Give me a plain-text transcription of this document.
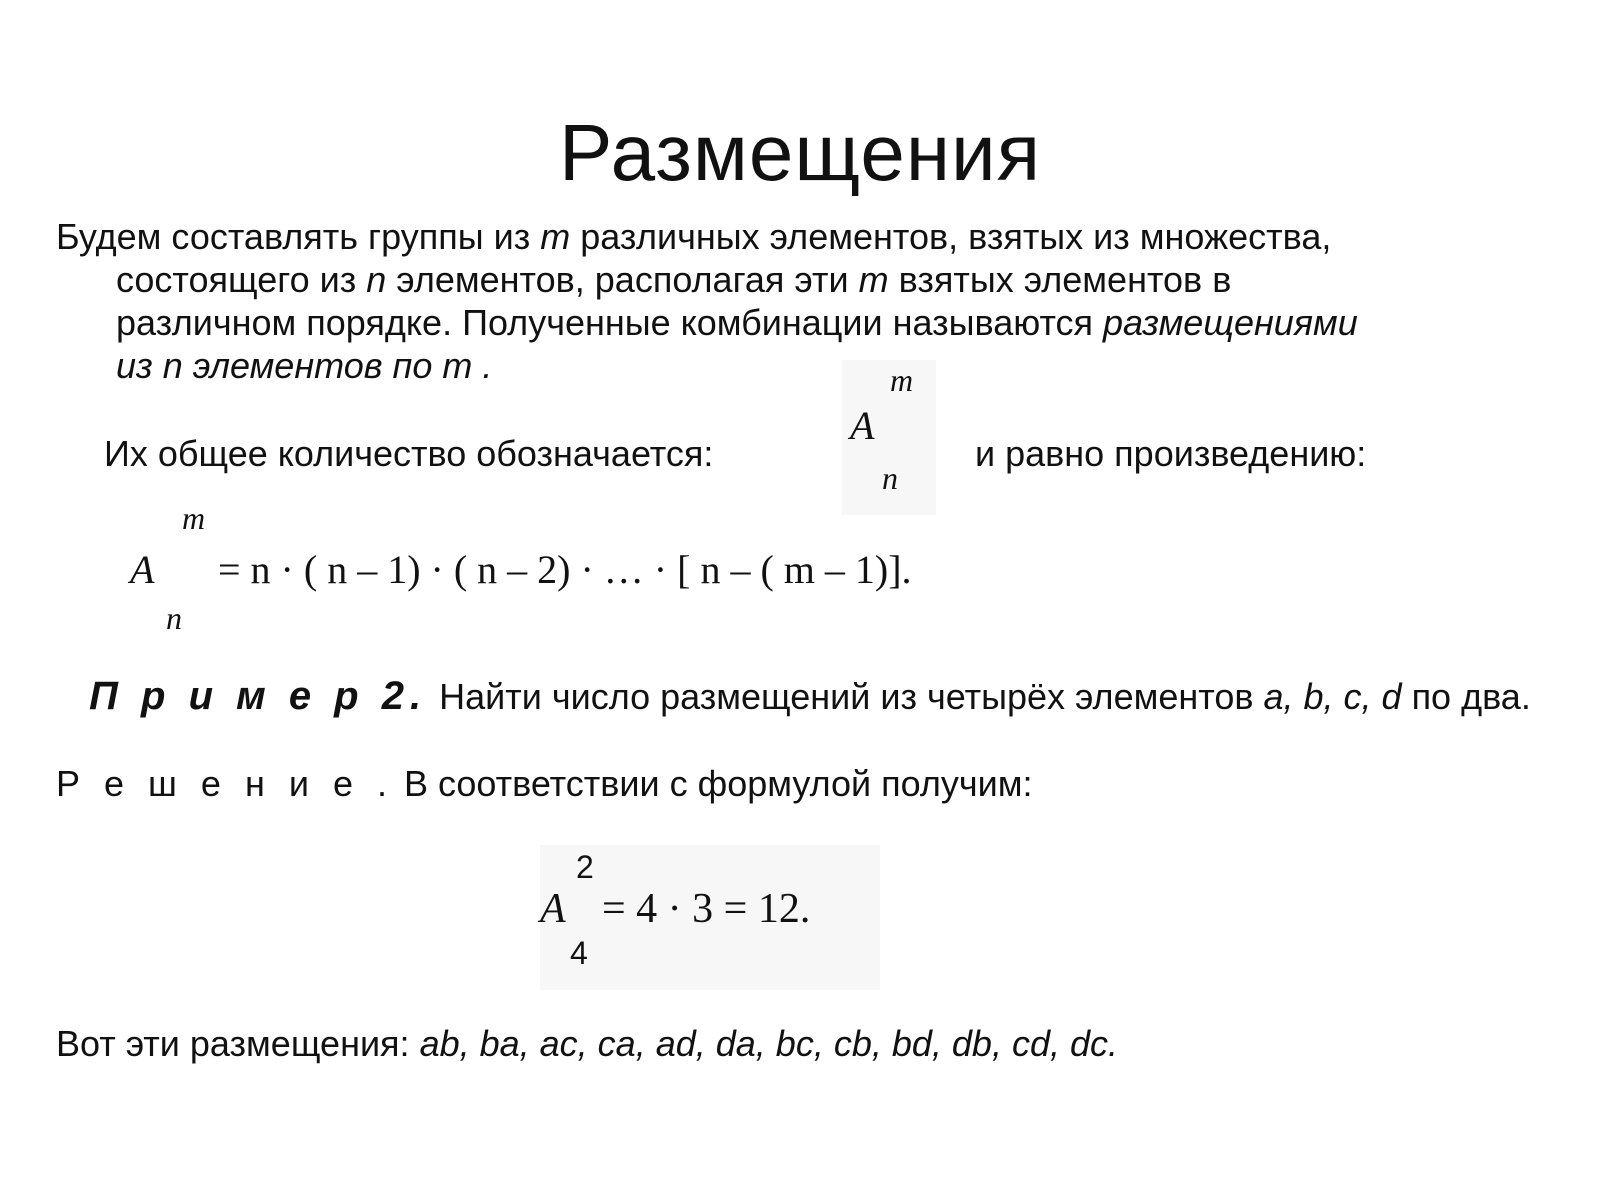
Размещения
Будем составлять группы из m различных элементов, взятых из множества,
состоящего из n элементов, располагая эти m взятых элементов в
различном порядке. Полученные комбинации называются размещениями
из n элементов по m .
Их общее количество обозначается:
m
A
n
и равно произведению:
m
A
n
= n · ( n – 1) · ( n – 2) · … · [ n – ( m – 1)].
П р и м е р 2. Найти число размещений из четырёх элементов a, b, c, d по два.
Р е ш е н и е . В соответствии с формулой получим:
2
A
4
= 4 · 3 = 12.
Вот эти размещения: ab, ba, ac, ca, ad, da, bc, cb, bd, db, cd, dc.
